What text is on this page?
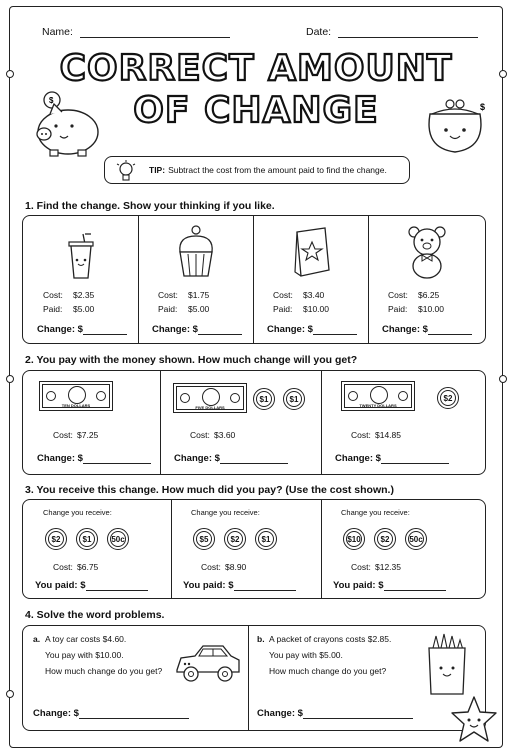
Name:	Date:
CORRECT AMOUNT
OF CHANGE
$
$
TIP: Subtract the cost from the amount paid to find the change.
1. Find the change. Show your thinking if you like.
Cost: $2.35
Paid: $5.00
Change: $
Cost: $1.75
Paid: $5.00
Change: $
Cost: $3.40
Paid: $10.00
Change: $
Cost: $6.25
Paid: $10.00
Change: $
2. You pay with the money shown. How much change will you get?
TEN DOLLARS	FIVE DOLLARS
$1	$1
TWENTY DOLLARS
$2
Cost: $7.25
Change: $
Cost: $3.60
Change: $
Cost: $14.85
Change: $
3. You receive this change. How much did you pay? (Use the cost shown.)
Change you receive:
$2	$1	50c
Cost: $6.75
You paid: $
Change you receive:
$5	$2	$1
Cost: $8.90
You paid: $
Change you receive:
$10	$2	50c
Cost: $12.35
You paid: $
4. Solve the word problems.
a. A toy car costs $4.60.
You pay with $10.00.
How much change do you get?
Change: $
b. A packet of crayons costs $2.85.
You pay with $5.00.
How much change do you get?
Change: $
